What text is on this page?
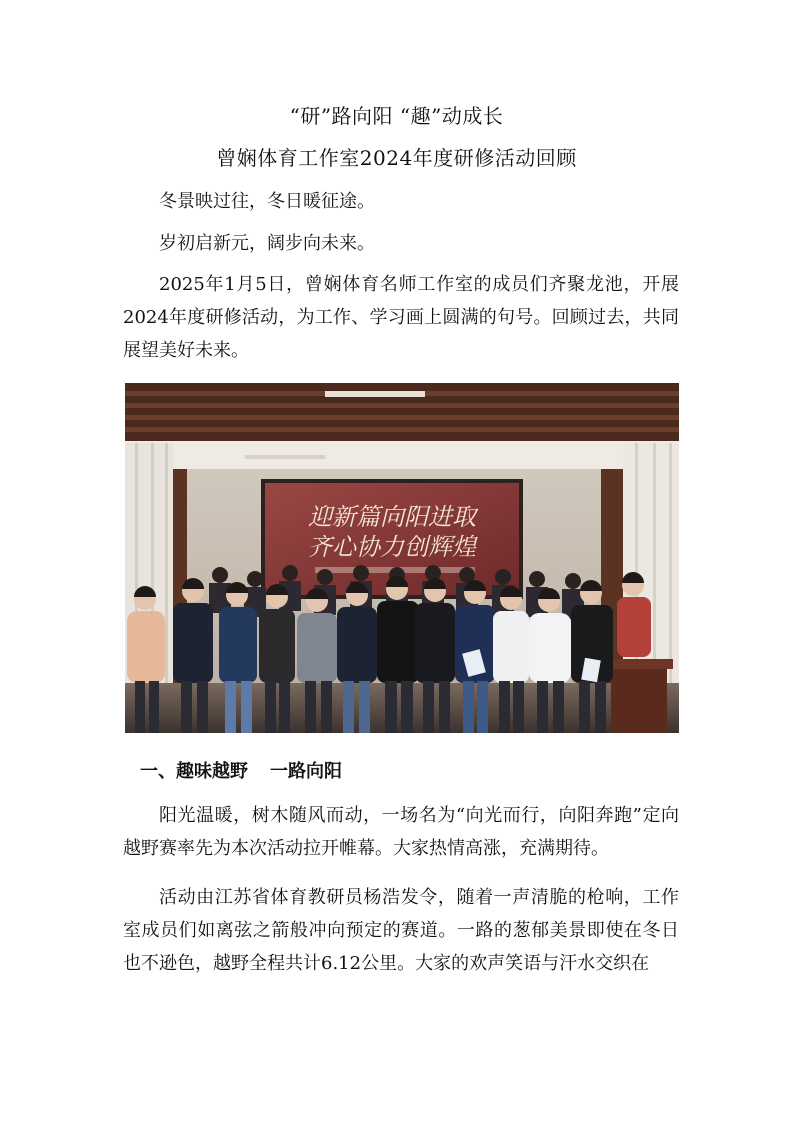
“研”路向阳 “趣”动成长
曾娴体育工作室2024年度研修活动回顾
冬景映过往，冬日暖征途。
岁初启新元，阔步向未来。
2025年1月5日，曾娴体育名师工作室的成员们齐聚龙池，开展2024年度研修活动，为工作、学习画上圆满的句号。回顾过去，共同展望美好未来。
迎新篇向阳进取
齐心协力创辉煌
一、趣味越野 一路向阳
阳光温暖，树木随风而动，一场名为“向光而行，向阳奔跑”定向越野赛率先为本次活动拉开帷幕。大家热情高涨，充满期待。
活动由江苏省体育教研员杨浩发令，随着一声清脆的枪响，工作室成员们如离弦之箭般冲向预定的赛道。一路的葱郁美景即使在冬日也不逊色，越野全程共计6.12公里。大家的欢声笑语与汗水交织在
